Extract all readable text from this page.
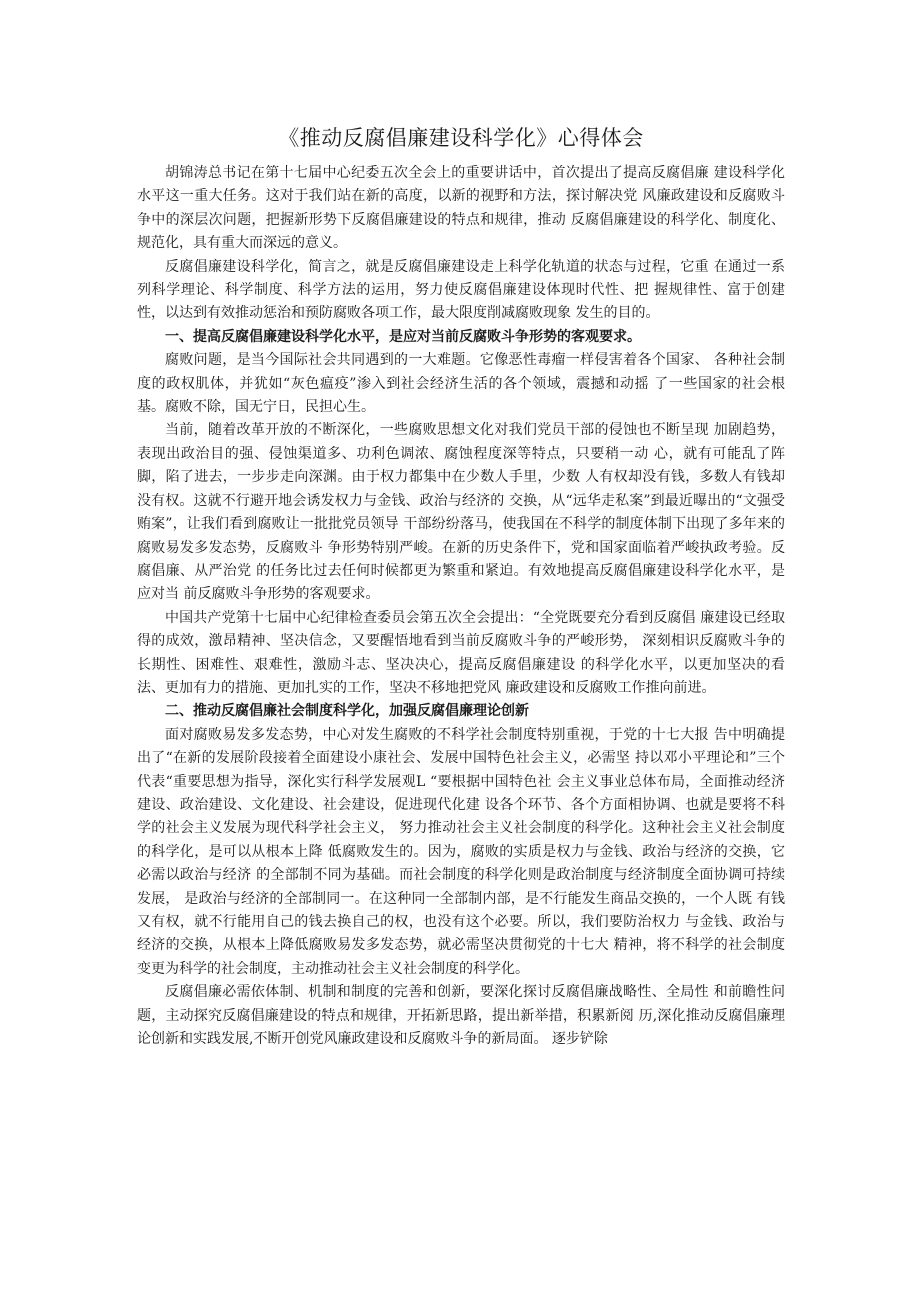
《推动反腐倡廉建设科学化》心得体会

胡锦涛总书记在第十七届中心纪委五次全会上的重要讲话中，首次提出了提高反腐倡廉 建设科学化水平这一重大任务。这对于我们站在新的高度，以新的视野和方法，探讨解决党 风廉政建设和反腐败斗争中的深层次问题，把握新形势下反腐倡廉建设的特点和规律，推动 反腐倡廉建设的科学化、制度化、规范化，具有重大而深远的意义。

反腐倡廉建设科学化，简言之，就是反腐倡廉建设走上科学化轨道的状态与过程，它重 在通过一系列科学理论、科学制度、科学方法的运用，努力使反腐倡廉建设体现时代性、把 握规律性、富于创建性，以达到有效推动惩治和预防腐败各项工作，最大限度削减腐败现象 发生的目的。

一、提高反腐倡廉建设科学化水平，是应对当前反腐败斗争形势的客观要求。

腐败问题，是当今国际社会共同遇到的一大难题。它像恶性毒瘤一样侵害着各个国家、 各种社会制度的政权肌体，并犹如“灰色瘟疫”渗入到社会经济生活的各个领域，震撼和动摇 了一些国家的社会根基。腐败不除，国无宁日，民担心生。

当前，随着改革开放的不断深化，一些腐败思想文化对我们党员干部的侵蚀也不断呈现 加剧趋势，表现出政治目的强、侵蚀渠道多、功利色调浓、腐蚀程度深等特点，只要稍一动 心，就有可能乱了阵脚，陷了进去，一步步走向深渊。由于权力都集中在少数人手里，少数 人有权却没有钱，多数人有钱却没有权。这就不行避开地会诱发权力与金钱、政治与经济的 交换，从“远华走私案”到最近曝出的“文强受贿案”，让我们看到腐败让一批批党员领导 干部纷纷落马，使我国在不科学的制度体制下出现了多年来的腐败易发多发态势，反腐败斗 争形势特别严峻。在新的历史条件下，党和国家面临着严峻执政考验。反腐倡廉、从严治党 的任务比过去任何时候都更为繁重和紧迫。有效地提高反腐倡廉建设科学化水平，是应对当 前反腐败斗争形势的客观要求。

中国共产党第十七届中心纪律检查委员会第五次全会提出：“全党既要充分看到反腐倡 廉建设已经取得的成效，激昂精神、坚决信念，又要醒悟地看到当前反腐败斗争的严峻形势， 深刻相识反腐败斗争的长期性、困难性、艰难性，激励斗志、坚决决心，提高反腐倡廉建设 的科学化水平，以更加坚决的看法、更加有力的措施、更加扎实的工作，坚决不移地把党风 廉政建设和反腐败工作推向前进。

二、推动反腐倡廉社会制度科学化，加强反腐倡廉理论创新

面对腐败易发多发态势，中心对发生腐败的不科学社会制度特别重视，于党的十七大报 告中明确提出了“在新的发展阶段接着全面建设小康社会、发展中国特色社会主义，必需坚 持以邓小平理论和”三个代表“重要思想为指导，深化实行科学发展观L “要根据中国特色社 会主义事业总体布局，全面推动经济建设、政治建设、文化建设、社会建设，促进现代化建 设各个环节、各个方面相协调、也就是要将不科学的社会主义发展为现代科学社会主义， 努力推动社会主义社会制度的科学化。这种社会主义社会制度的科学化，是可以从根本上降 低腐败发生的。因为，腐败的实质是权力与金钱、政治与经济的交换，它必需以政治与经济 的全部制不同为基础。而社会制度的科学化则是政治制度与经济制度全面协调可持续发展， 是政治与经济的全部制同一。在这种同一全部制内部，是不行能发生商品交换的，一个人既 有钱又有权，就不行能用自己的钱去换自己的权，也没有这个必要。所以，我们要防治权力 与金钱、政治与经济的交换，从根本上降低腐败易发多发态势，就必需坚决贯彻党的十七大 精神，将不科学的社会制度变更为科学的社会制度，主动推动社会主义社会制度的科学化。

反腐倡廉必需依体制、机制和制度的完善和创新，要深化探讨反腐倡廉战略性、全局性 和前瞻性问题，主动探究反腐倡廉建设的特点和规律，开拓新思路，提出新举措，积累新阅 历,深化推动反腐倡廉理论创新和实践发展,不断开创党风廉政建设和反腐败斗争的新局面。 逐步铲除
